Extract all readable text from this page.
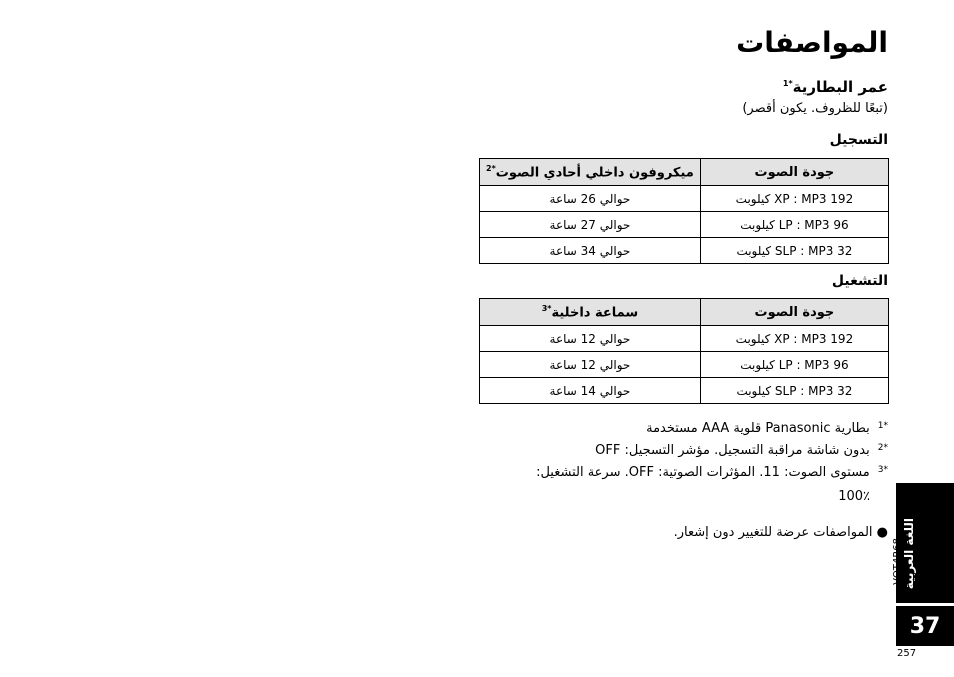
المواصفات
عمر البطارية$^{*1}$
(تبعًا للظروف. يكون أقصر)
التسجيل
جودة الصوت	ميكروفون داخلي أحادي الصوت$^{*2}$
XP : MP3 192 كيلوبت	حوالي 26 ساعة
LP : MP3 96 كيلوبت	حوالي 27 ساعة
SLP : MP3 32 كيلوبت	حوالي 34 ساعة
التشغيل
جودة الصوت	سماعة داخلية$^{*3}$
XP : MP3 192 كيلوبت	حوالي 12 ساعة
LP : MP3 96 كيلوبت	حوالي 12 ساعة
SLP : MP3 32 كيلوبت	حوالي 14 ساعة
*1بطارية Panasonic قلوية AAA مستخدمة
*2بدون شاشة مراقبة التسجيل. مؤشر التسجيل: OFF
*3مستوى الصوت: 11. المؤثرات الصوتية: OFF. سرعة التشغيل:
100٪
● المواصفات عرضة للتغيير دون إشعار. اللغة العربية
VQT4R68
37
257
